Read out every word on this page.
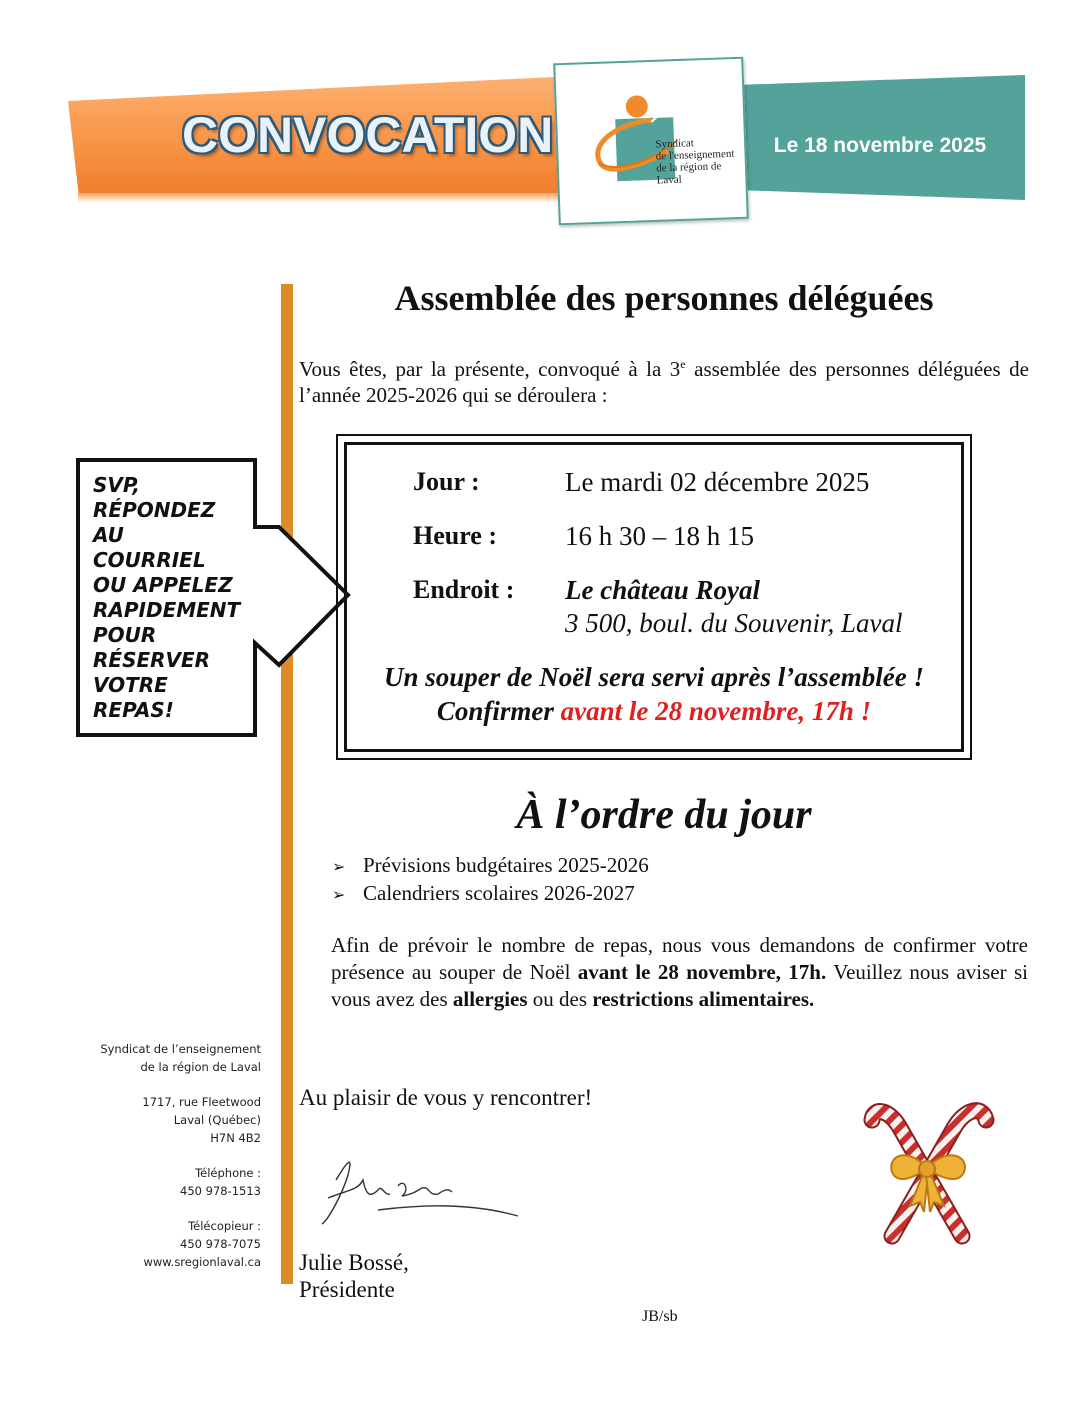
CONVOCATION	Le 18 novembre 2025
Syndicat
de l'enseignement
de la région de Laval
Assemblée des personnes déléguées
Vous êtes, par la présente, convoqué à la 3e assemblée des personnes déléguées de l’année 2025-2026 qui se déroulera :
SVP,
RÉPONDEZ
AU
COURRIEL
OU APPELEZ
RAPIDEMENT
POUR
RÉSERVER
VOTRE
REPAS!
Jour :	Le mardi 02 décembre 2025
Heure :	16 h 30 – 18 h 15
Endroit : Le château Royal
3 500, boul. du Souvenir, Laval
Un souper de Noël sera servi après l’assemblée !
Confirmer avant le 28 novembre, 17h !
À l’ordre du jour
➢ Prévisions budgétaires 2025-2026
➢ Calendriers scolaires 2026-2027
Afin de prévoir le nombre de repas, nous vous demandons de confirmer votre présence au souper de Noël avant le 28 novembre, 17h. Veuillez nous aviser si vous avez des allergies ou des restrictions alimentaires.
Au plaisir de vous y rencontrer!
Julie Bossé,
Présidente
JB/sb
Syndicat de l’enseignement
de la région de Laval
1717, rue Fleetwood
Laval (Québec)
H7N 4B2
Téléphone :
450 978-1513
Télécopieur :
450 978-7075
www.sregionlaval.ca
